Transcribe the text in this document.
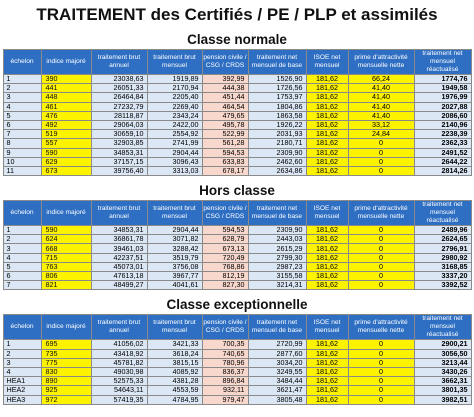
TRAITEMENT des Certifiés / PE / PLP et assimilés
Classe normale
échelon	indice majoré	traitement brut annuel	traitement brut mensuel	pension civile / CSG / CRDS	traitement net mensuel de base	ISOE net mensuel	prime d'attractivité mensuelle nette	traitement net mensuel réactualisé
1	390	23038,63	1919,89	392,99	1526,90	181,62	66,24	1774,76
2	441	26051,33	2170,94	444,38	1726,56	181,62	41,40	1949,58
3	448	26464,84	2205,40	451,44	1753,97	181,62	41,40	1976,99
4	461	27232,79	2269,40	464,54	1804,86	181,62	41,40	2027,88
5	476	28118,87	2343,24	479,65	1863,58	181,62	41,40	2086,60
6	492	29064,03	2422,00	495,78	1926,22	181,62	33,12	2140,96
7	519	30659,10	2554,92	522,99	2031,93	181,62	24,84	2238,39
8	557	32903,85	2741,99	561,28	2180,71	181,62	0	2362,33
9	590	34853,31	2904,44	594,53	2309,90	181,62	0	2491,52
10	629	37157,15	3096,43	633,83	2462,60	181,62	0	2644,22
11	673	39756,40	3313,03	678,17	2634,86	181,62	0	2814,26

Hors classe
échelon	indice majoré	traitement brut annuel	traitement brut mensuel	pension civile / CSG / CRDS	traitement net mensuel de base	ISOE net mensuel	prime d'attractivité mensuelle nette	traitement net mensuel réactualisé
1	590	34853,31	2904,44	594,53	2309,90	181,62	0	2489,96
2	624	36861,78	3071,82	628,79	2443,03	181,62	0	2624,65
3	668	39461,03	3288,42	673,13	2615,29	181,62	0	2796,91
4	715	42237,51	3519,79	720,49	2799,30	181,62	0	2980,92
5	763	45073,01	3756,08	768,86	2987,23	181,62	0	3168,85
6	806	47613,18	3967,77	812,19	3155,58	181,62	0	3337,20
7	821	48499,27	4041,61	827,30	3214,31	181,62	0	3392,52

Classe exceptionnelle
échelon	indice majoré	traitement brut annuel	traitement brut mensuel	pension civile / CSG / CRDS	traitement net mensuel de base	ISOE net mensuel	prime d'attractivité mensuelle nette	traitement net mensuel réactualisé
1	695	41056,02	3421,33	700,35	2720,99	181,62	0	2900,21
2	735	43418,92	3618,24	740,65	2877,60	181,62	0	3056,50
3	775	45781,82	3815,15	780,96	3034,20	181,62	0	3213,44
4	830	49030,98	4085,92	836,37	3249,55	181,62	0	3430,26
HEA1	890	52575,33	4381,28	896,84	3484,44	181,62	0	3662,31
HEA2	925	54643,11	4553,59	932,11	3621,47	181,62	0	3801,35
HEA3	972	57419,35	4784,95	979,47	3805,48	181,62	0	3982,51
